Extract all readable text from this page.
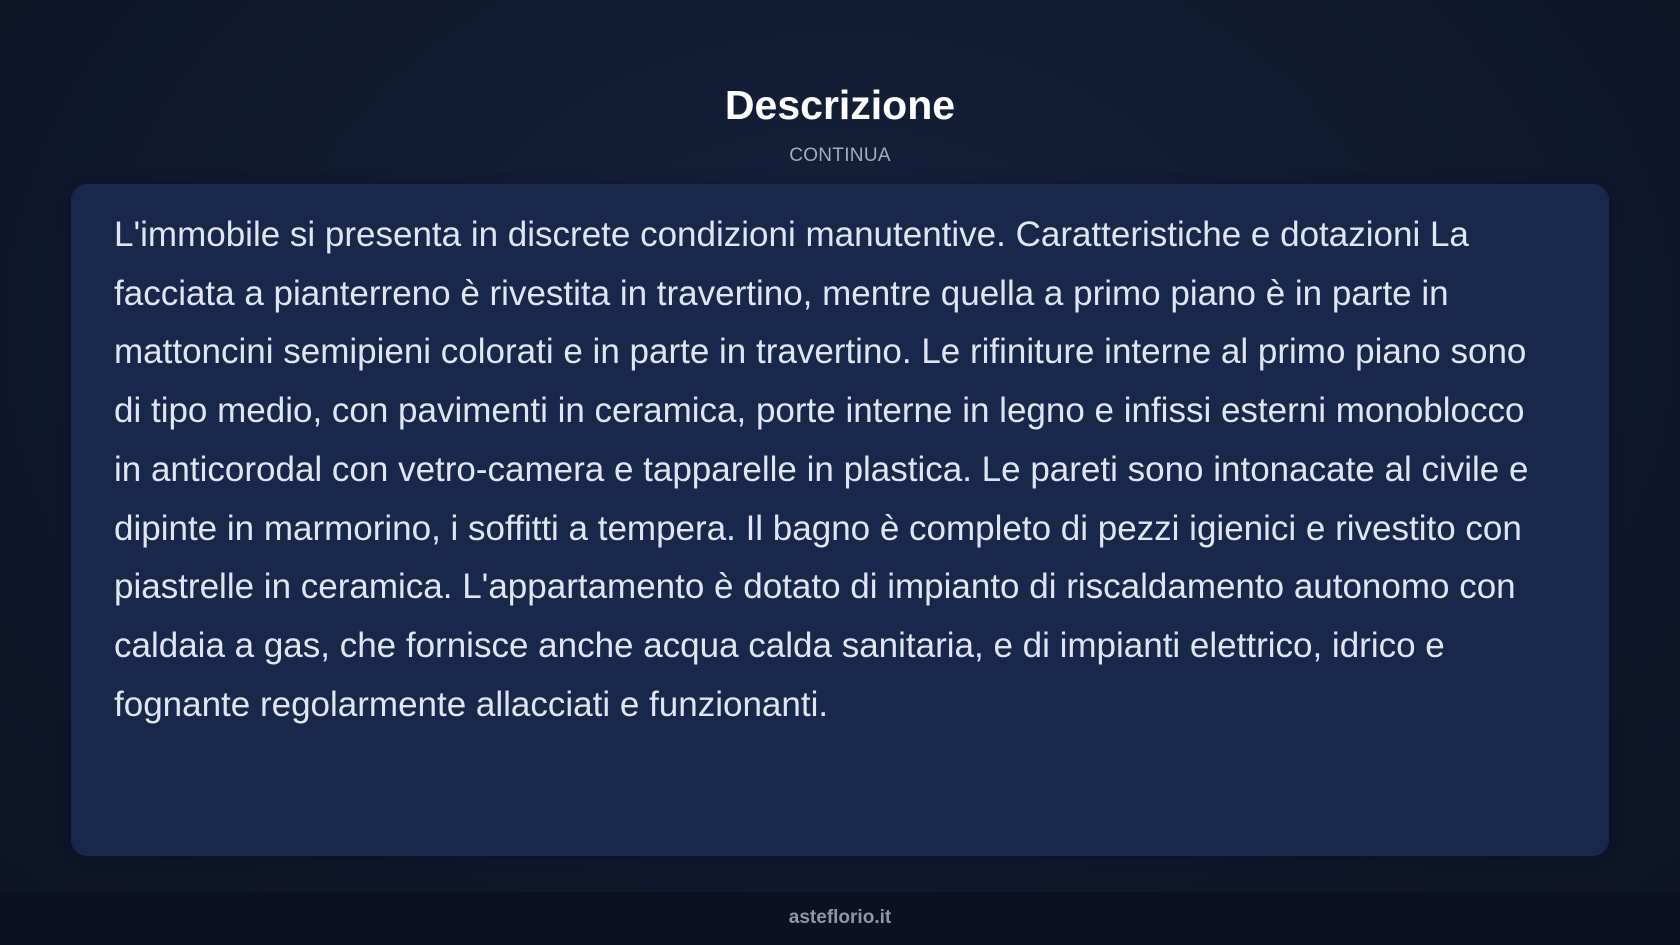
Descrizione
CONTINUA

L'immobile si presenta in discrete condizioni manutentive. Caratteristiche e dotazioni La facciata a pianterreno è rivestita in travertino, mentre quella a primo piano è in parte in mattoncini semipieni colorati e in parte in travertino. Le rifiniture interne al primo piano sono di tipo medio, con pavimenti in ceramica, porte interne in legno e infissi esterni monoblocco in anticorodal con vetro-camera e tapparelle in plastica. Le pareti sono intonacate al civile e dipinte in marmorino, i soffitti a tempera. Il bagno è completo di pezzi igienici e rivestito con piastrelle in ceramica. L'appartamento è dotato di impianto di riscaldamento autonomo con caldaia a gas, che fornisce anche acqua calda sanitaria, e di impianti elettrico, idrico e fognante regolarmente allacciati e funzionanti.

asteflorio.it
